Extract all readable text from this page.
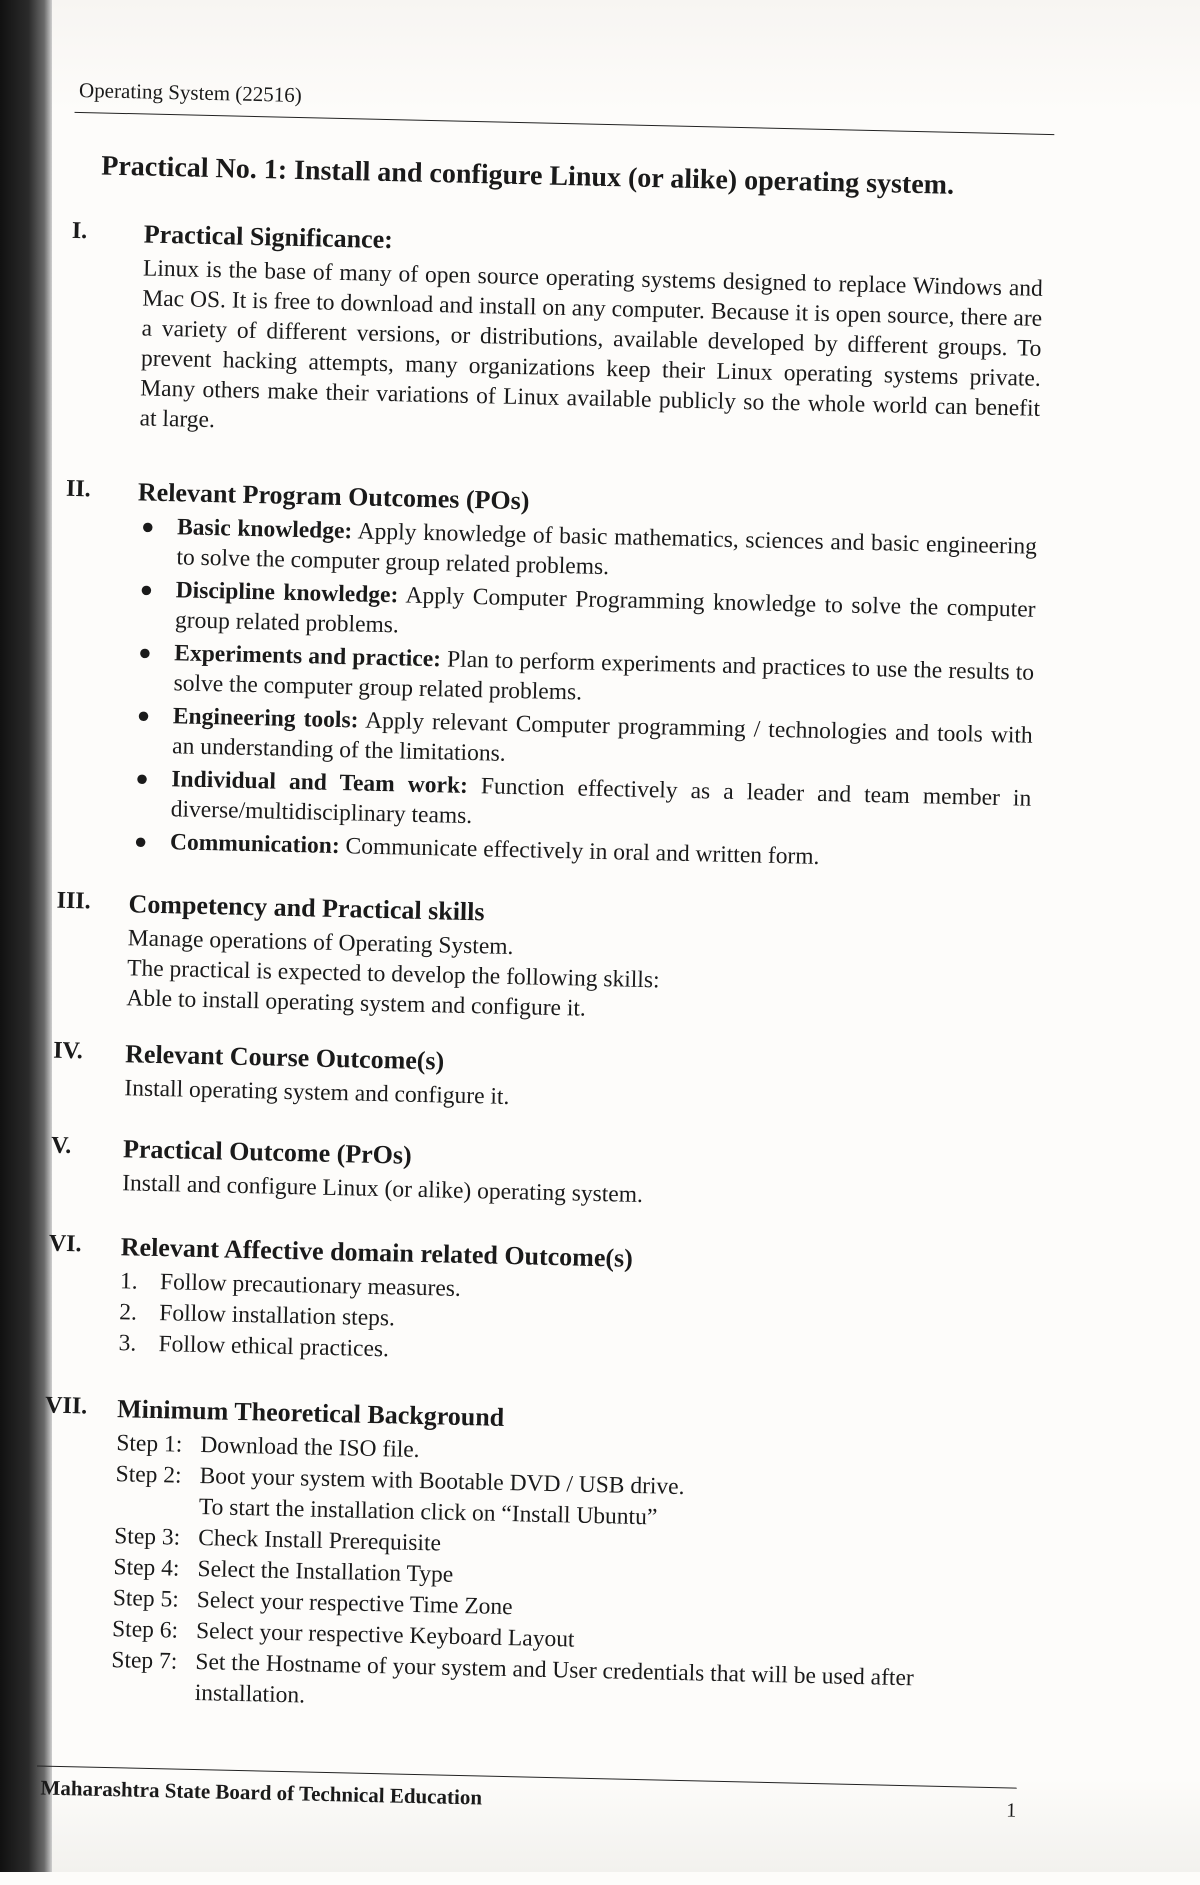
Operating System (22516)
Practical No. 1: Install and configure Linux (or alike) operating system.
I. Practical Significance:

Linux is the base of many of open source operating systems designed to replace Windows and Mac OS. It is free to download and install on any computer. Because it is open source, there are a variety of different versions, or distributions, available developed by different groups. To prevent hacking attempts, many organizations keep their Linux operating systems private. Many others make their variations of Linux available publicly so the whole world can benefit at large.

II. Relevant Program Outcomes (POs)
● Basic knowledge: Apply knowledge of basic mathematics, sciences and basic engineering to solve the computer group related problems.
● Discipline knowledge: Apply Computer Programming knowledge to solve the computer group related problems.
● Experiments and practice: Plan to perform experiments and practices to use the results to solve the computer group related problems.
● Engineering tools: Apply relevant Computer programming / technologies and tools with an understanding of the limitations.
● Individual and Team work: Function effectively as a leader and team member in diverse/multidisciplinary teams.
● Communication: Communicate effectively in oral and written form.
III. Competency and Practical skills

Manage operations of Operating System.

The practical is expected to develop the following skills:

Able to install operating system and configure it.

IV. Relevant Course Outcome(s)

Install operating system and configure it.

V. Practical Outcome (PrOs)

Install and configure Linux (or alike) operating system.

VI. Relevant Affective domain related Outcome(s)
1. Follow precautionary measures.
2. Follow installation steps.
3. Follow ethical practices.
VII. Minimum Theoretical Background
Step 1: Download the ISO file.
Step 2: Boot your system with Bootable DVD / USB drive.
To start the installation click on “Install Ubuntu”
Step 3: Check Install Prerequisite
Step 4: Select the Installation Type
Step 5: Select your respective Time Zone
Step 6: Select your respective Keyboard Layout
Step 7: Set the Hostname of your system and User credentials that will be used after installation.
Maharashtra State Board of Technical Education
1
